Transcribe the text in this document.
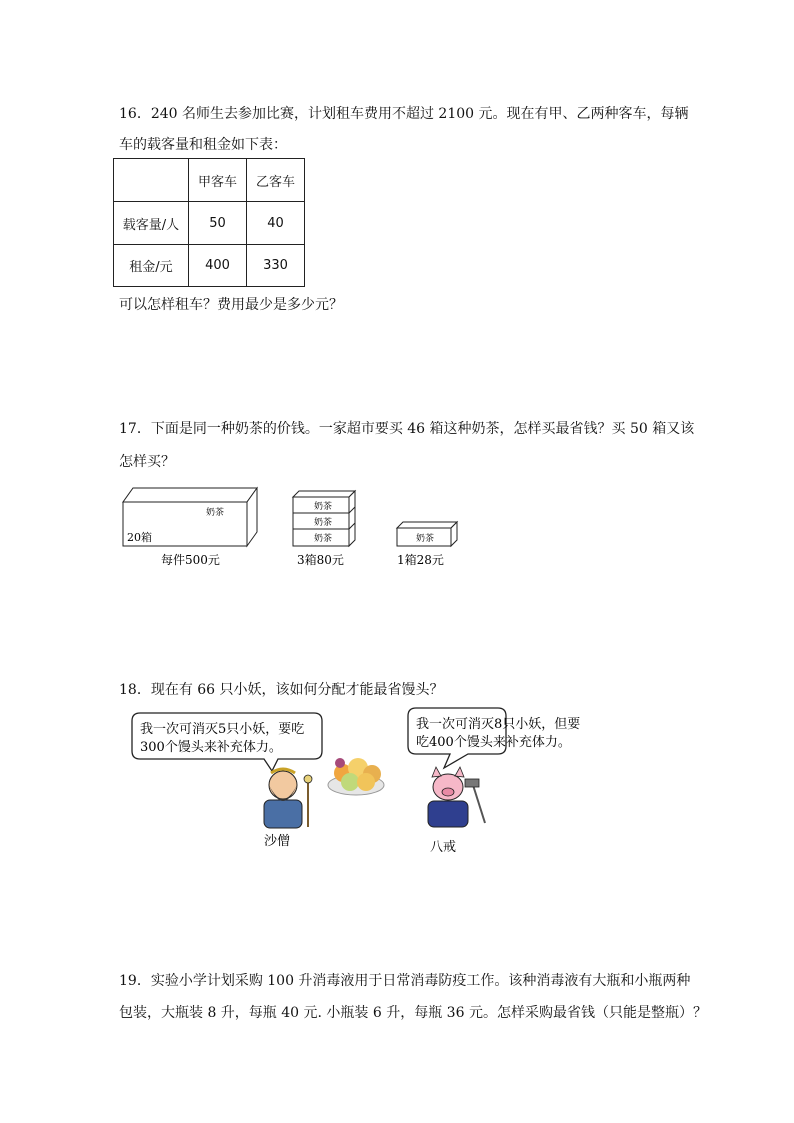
16．240 名师生去参加比赛，计划租车费用不超过 2100 元。现在有甲、乙两种客车，每辆
车的载客量和租金如下表：
	甲客车	乙客车
载客量/人	50	40
租金/元	400	330
可以怎样租车？费用最少是多少元？
17．下面是同一种奶茶的价钱。一家超市要买 46 箱这种奶茶，怎样买最省钱？买 50 箱又该
怎样买？
奶茶
20箱
奶茶
奶茶
奶茶	奶茶
每件500元	3箱80元	1箱28元
18．现在有 66 只小妖，该如何分配才能最省馒头？
我一次可消灭5只小妖，要吃
300个馒头来补充体力。
我一次可消灭8只小妖，但要
吃400个馒头来补充体力。
沙僧	八戒
19．实验小学计划采购 100 升消毒液用于日常消毒防疫工作。该种消毒液有大瓶和小瓶两种
包装，大瓶装 8 升，每瓶 40 元. 小瓶装 6 升，每瓶 36 元。怎样采购最省钱（只能是整瓶）？
